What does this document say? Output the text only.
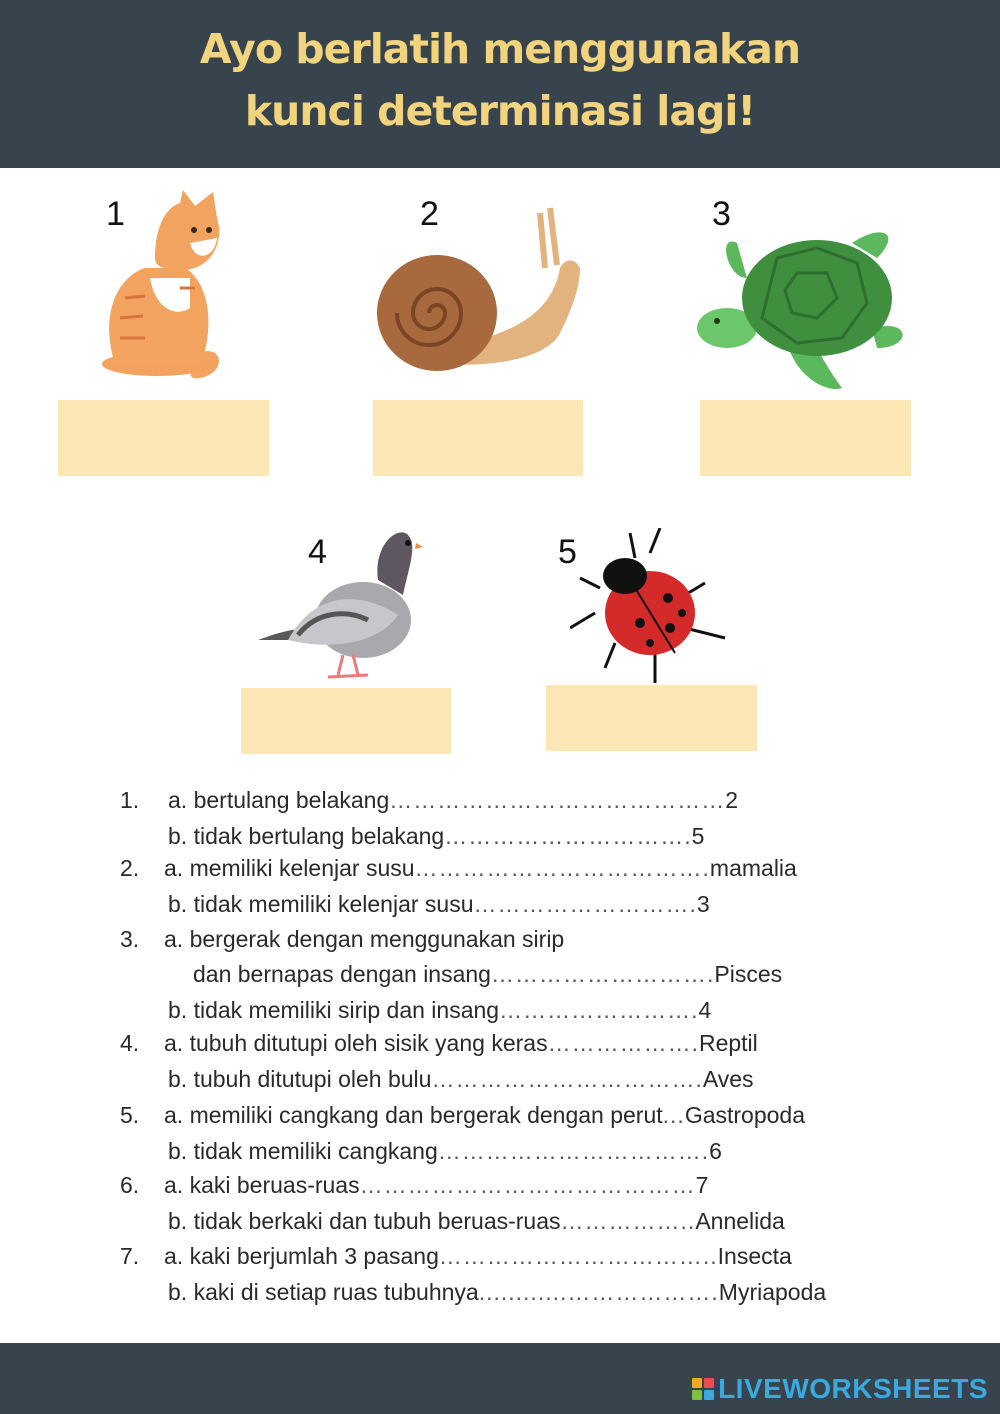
Ayo berlatih menggunakan
kunci determinasi lagi!
1	2	3
4	5
1. a. bertulang belakang……………………………………2
b. tidak bertulang belakang………………………….5
2. a. memiliki kelenjar susu……………………………….mamalia
b. tidak memiliki kelenjar susu……………………….3
3. a. bergerak dengan menggunakan sirip
dan bernapas dengan insang……………………….Pisces
b. tidak memiliki sirip dan insang…………………….4
4. a. tubuh ditutupi oleh sisik yang keras……………….Reptil
b. tubuh ditutupi oleh bulu…………………………….Aves
5. a. memiliki cangkang dan bergerak dengan perut...Gastropoda
b. tidak memiliki cangkang…………………………….6
6. a. kaki beruas-ruas……………………………………7
b. tidak berkaki dan tubuh beruas-ruas……………..Annelida
7. a. kaki berjumlah 3 pasang……………………………..Insecta
b. kaki di setiap ruas tubuhnya............……………….Myriapoda
LIVEWORKSHEETS
